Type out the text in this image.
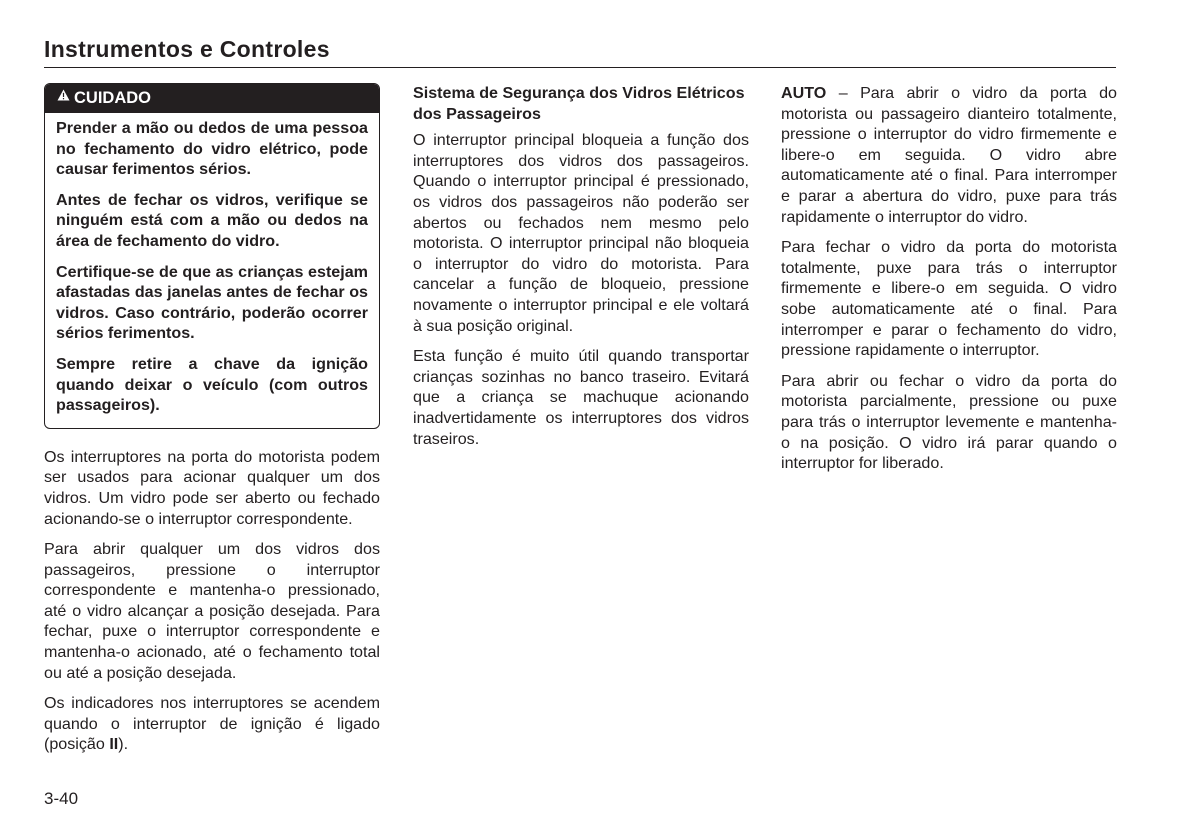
Instrumentos e Controles
CUIDADO

Prender a mão ou dedos de uma pessoa no fechamento do vidro elétrico, pode causar ferimentos sérios.

Antes de fechar os vidros, verifique se ninguém está com a mão ou dedos na área de fechamento do vidro.

Certifique-se de que as crianças estejam afastadas das janelas antes de fechar os vidros. Caso contrário, poderão ocorrer sérios ferimentos.

Sempre retire a chave da ignição quando deixar o veículo (com outros passageiros).

Os interruptores na porta do motorista podem ser usados para acionar qualquer um dos vidros. Um vidro pode ser aberto ou fechado acionando-se o interruptor correspondente.

Para abrir qualquer um dos vidros dos passageiros, pressione o interruptor correspondente e mantenha-o pressionado, até o vidro alcançar a posição desejada. Para fechar, puxe o interruptor correspondente e mantenha-o acionado, até o fechamento total ou até a posição desejada.

Os indicadores nos interruptores se acendem quando o interruptor de ignição é ligado (posição II).

Sistema de Segurança dos Vidros Elétricos dos Passageiros

O interruptor principal bloqueia a função dos interruptores dos vidros dos passageiros. Quando o interruptor principal é pressionado, os vidros dos passageiros não poderão ser abertos ou fechados nem mesmo pelo motorista. O interruptor principal não bloqueia o interruptor do vidro do motorista. Para cancelar a função de bloqueio, pressione novamente o interruptor principal e ele voltará à sua posição original.

Esta função é muito útil quando transportar crianças sozinhas no banco traseiro. Evitará que a criança se machuque acionando inadvertidamente os interruptores dos vidros traseiros.

AUTO – Para abrir o vidro da porta do motorista ou passageiro dianteiro totalmente, pressione o interruptor do vidro firmemente e libere-o em seguida. O vidro abre automaticamente até o final. Para interromper e parar a abertura do vidro, puxe para trás rapidamente o interruptor do vidro.

Para fechar o vidro da porta do motorista totalmente, puxe para trás o interruptor firmemente e libere-o em seguida. O vidro sobe automaticamente até o final. Para interromper e parar o fechamento do vidro, pressione rapidamente o interruptor.

Para abrir ou fechar o vidro da porta do motorista parcialmente, pressione ou puxe para trás o interruptor levemente e mantenha-o na posição. O vidro irá parar quando o interruptor for liberado.

3-40
